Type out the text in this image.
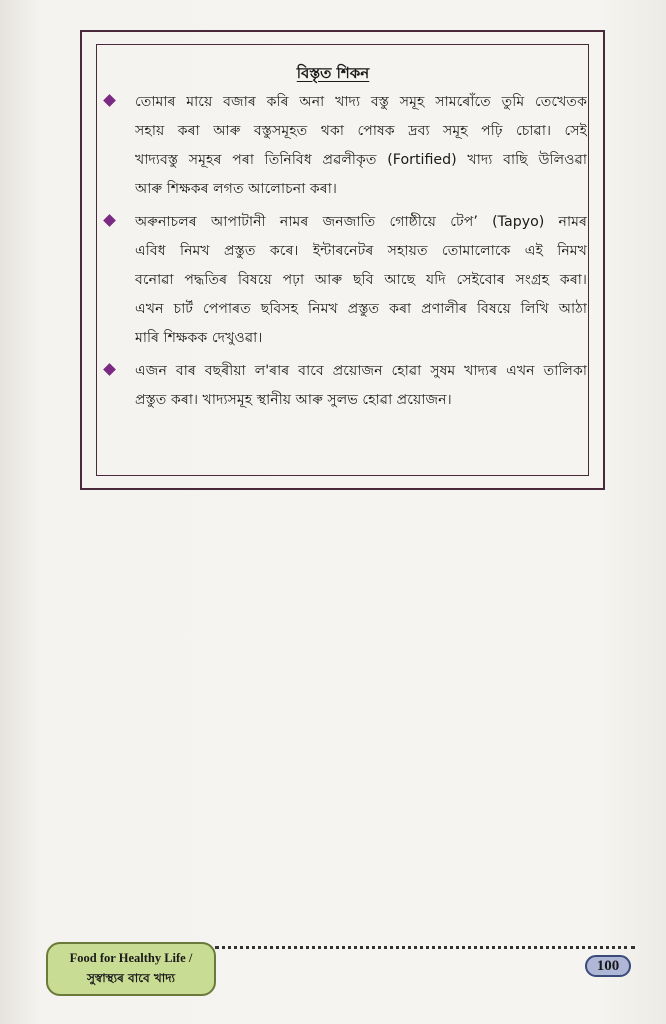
বিস্তৃত শিকন
তোমাৰ মায়ে বজাৰ কৰি অনা খাদ্য বস্তু সমূহ সামৰোঁতে তুমি তেখেতক
সহায় কৰা আৰু বস্তুসমূহত থকা পোষক দ্ৰব্য সমূহ পঢ়ি চোৱা। সেই
খাদ্যবস্তু সমূহৰ পৰা তিনিবিধ প্ৰৱলীকৃত (Fortified) খাদ্য বাছি উলিওৱা
আৰু শিক্ষকৰ লগত আলোচনা কৰা।
অৰুনাচলৰ আপাটানী নামৰ জনজাতি গোষ্ঠীয়ে টেপ’ (Tapyo) নামৰ
এবিধ নিমখ প্ৰস্তুত কৰে। ইন্টাৰনেটৰ সহায়ত তোমালোকে এই নিমখ
বনোৱা পদ্ধতিৰ বিষয়ে পঢ়া আৰু ছবি আছে যদি সেইবোৰ সংগ্ৰহ কৰা।
এখন চাৰ্ট পেপাৰত ছবিসহ নিমখ প্ৰস্তুত কৰা প্ৰণালীৰ বিষয়ে লিখি আঠা
মাৰি শিক্ষকক দেখুওৱা।
এজন বাৰ বছৰীয়া ল'ৰাৰ বাবে প্ৰয়োজন হোৱা সুষম খাদ্যৰ এখন তালিকা
প্ৰস্তুত কৰা। খাদ্যসমূহ স্থানীয় আৰু সুলভ হোৱা প্ৰয়োজন।
Food for Healthy Life /
সুস্বাস্থ্যৰ বাবে খাদ্য
100
